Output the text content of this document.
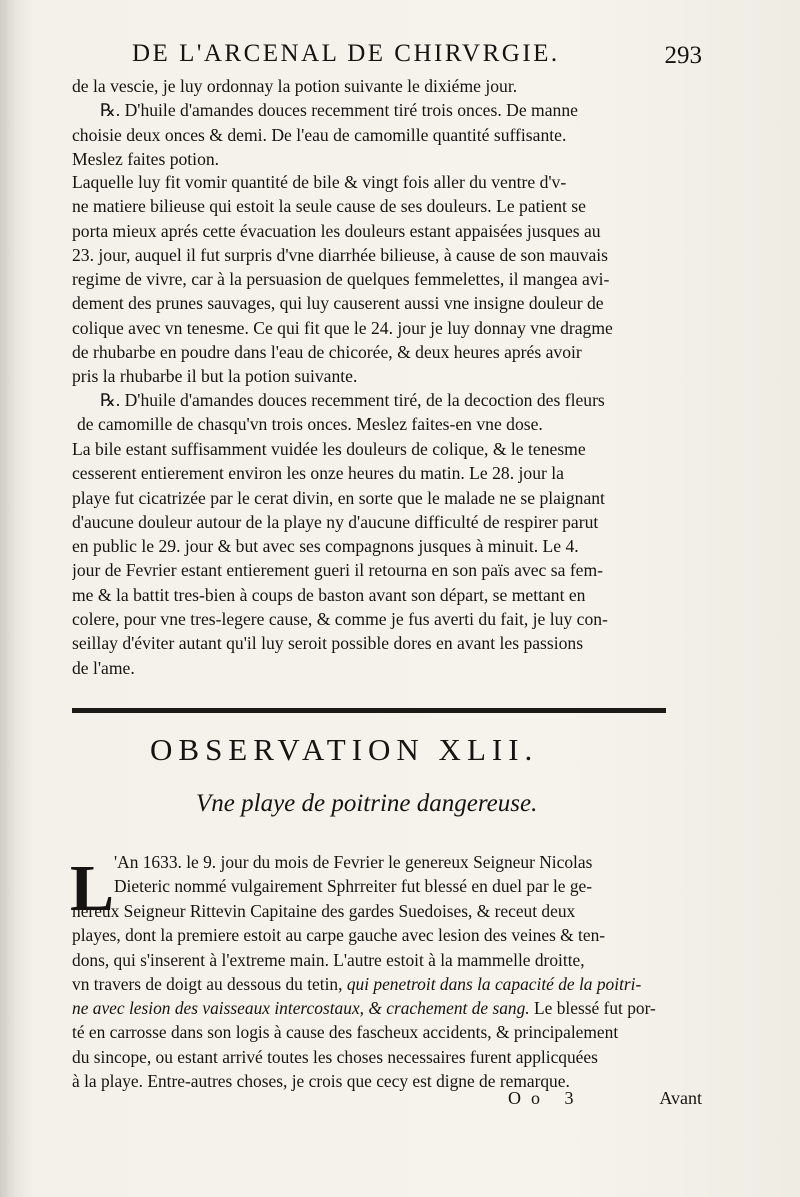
DE L'ARCENAL DE CHIRVRGIE.	293
de la vescie, je luy ordonnay la potion suivante le dixiéme jour.
℞. D'huile d'amandes douces recemment tiré trois onces. De manne
choisie deux onces & demi. De l'eau de camomille quantité suffisante.
Meslez faites potion.
Laquelle luy fit vomir quantité de bile & vingt fois aller du ventre d'v-
ne matiere bilieuse qui estoit la seule cause de ses douleurs. Le patient se
porta mieux aprés cette évacuation les douleurs estant appaisées jusques au
23. jour, auquel il fut surpris d'vne diarrhée bilieuse, à cause de son mauvais
regime de vivre, car à la persuasion de quelques femmelettes, il mangea avi-
dement des prunes sauvages, qui luy causerent aussi vne insigne douleur de
colique avec vn tenesme. Ce qui fit que le 24. jour je luy donnay vne dragme
de rhubarbe en poudre dans l'eau de chicorée, & deux heures aprés avoir
pris la rhubarbe il but la potion suivante.
℞. D'huile d'amandes douces recemment tiré, de la decoction des fleurs
de camomille de chasqu'vn trois onces. Meslez faites-en vne dose.
La bile estant suffisamment vuidée les douleurs de colique, & le tenesme
cesserent entierement environ les onze heures du matin. Le 28. jour la
playe fut cicatrizée par le cerat divin, en sorte que le malade ne se plaignant
d'aucune douleur autour de la playe ny d'aucune difficulté de respirer parut
en public le 29. jour & but avec ses compagnons jusques à minuit. Le 4.
jour de Fevrier estant entierement gueri il retourna en son païs avec sa fem-
me & la battit tres-bien à coups de baston avant son départ, se mettant en
colere, pour vne tres-legere cause, & comme je fus averti du fait, je luy con-
seillay d'éviter autant qu'il luy seroit possible dores en avant les passions
de l'ame.
OBSERVATION XLII.
Vne playe de poitrine dangereuse.
L 'An 1633. le 9. jour du mois de Fevrier le genereux Seigneur Nicolas
Dieteric nommé vulgairement Sphrreiter fut blessé en duel par le ge-
nereux Seigneur Rittevin Capitaine des gardes Suedoises, & receut deux
playes, dont la premiere estoit au carpe gauche avec lesion des veines & ten-
dons, qui s'inserent à l'extreme main. L'autre estoit à la mammelle droitte,
vn travers de doigt au dessous du tetin, qui penetroit dans la capacité de la poitri-
ne avec lesion des vaisseaux intercostaux, & crachement de sang. Le blessé fut por-
té en carrosse dans son logis à cause des fascheux accidents, & principalement
du sincope, ou estant arrivé toutes les choses necessaires furent applicquées
à la playe. Entre-autres choses, je crois que cecy est digne de remarque.
Oo 3	Avant
